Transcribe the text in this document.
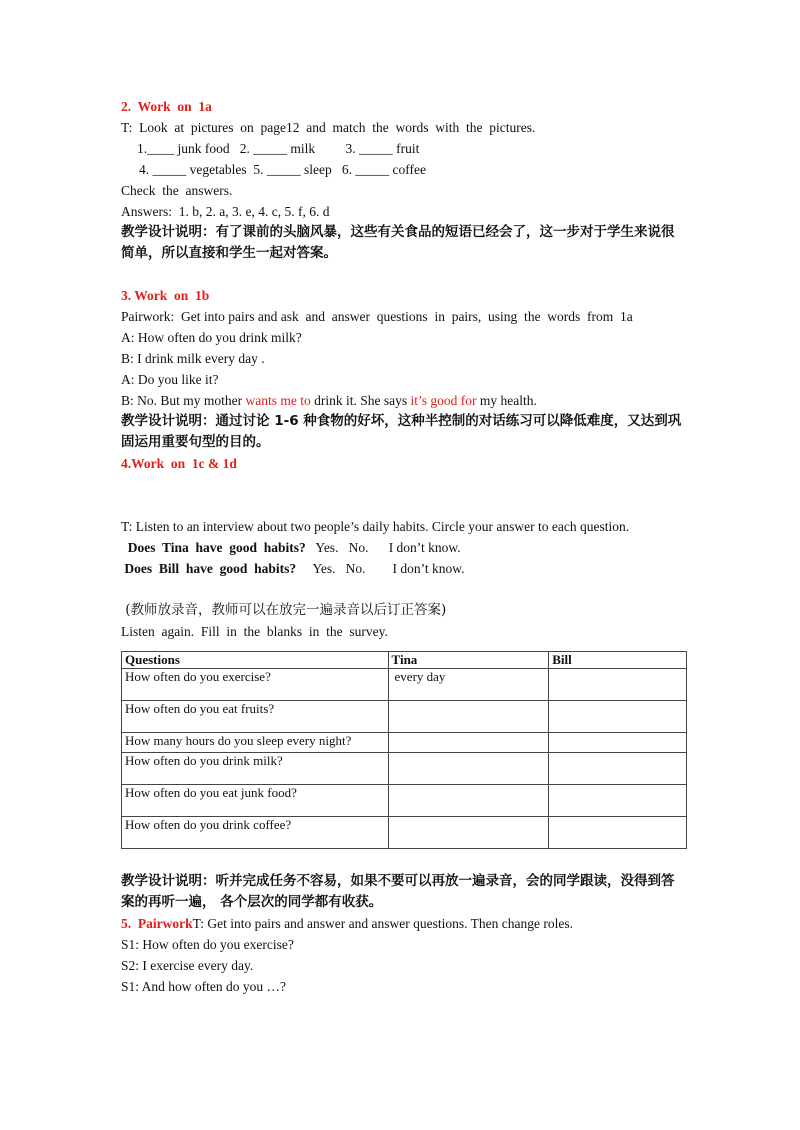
2.  Work  on  1a
T:  Look  at  pictures  on  page12  and  match  the  words  with  the  pictures.
1.____ junk food   2. _____ milk         3. _____ fruit
4. _____ vegetables  5. _____ sleep   6. _____ coffee
Check  the  answers.
Answers:  1. b, 2. a, 3. e, 4. c, 5. f, 6. d
教学设计说明：有了课前的头脑风暴，这些有关食品的短语已经会了，这一步对于学生来说很简单，所以直接和学生一起对答案。
3. Work  on  1b
Pairwork:  Get into pairs and ask  and  answer  questions  in  pairs,  using  the  words  from  1a
A: How often do you drink milk?
B: I drink milk every day .
A: Do you like it?
B: No. But my mother wants me to drink it. She says it’s good for my health.
教学设计说明：通过讨论 1-6 种食物的好坏，这种半控制的对话练习可以降低难度，又达到巩固运用重要句型的目的。
4.Work  on  1c & 1d
T: Listen to an interview about two people’s daily habits. Circle your answer to each question.
Does  Tina  have  good  habits?   Yes.   No.      I don’t know.
Does  Bill  have  good  habits?     Yes.   No.        I don’t know.
(教师放录音，教师可以在放完一遍录音以后订正答案)
Listen  again.  Fill  in  the  blanks  in  the  survey.
Questions	Tina	Bill
How often do you exercise?	every day	
How often do you eat fruits?		
How many hours do you sleep every night?		
How often do you drink milk?		
How often do you eat junk food?		
How often do you drink coffee?		
教学设计说明：听并完成任务不容易，如果不要可以再放一遍录音，会的同学跟读，没得到答案的再听一遍， 各个层次的同学都有收获。
5.  PairworkT: Get into pairs and answer and answer questions. Then change roles.
S1: How often do you exercise?
S2: I exercise every day.
S1: And how often do you …?
